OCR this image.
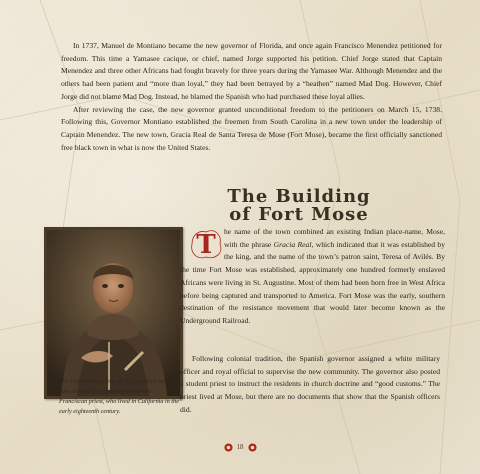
In 1737, Manuel de Montiano became the new governor of Florida, and once again Francisco Menendez petitioned for freedom. This time a Yamasee cacique, or chief, named Jorge supported his petition. Chief Jorge stated that Captain Menendez and three other Africans had fought bravely for three years during the Yamasee War. Although Menendez and the others had been patient and “more than loyal,” they had been betrayed by a “heathen” named Mad Dog. However, Chief Jorge did not blame Mad Dog. Instead, he blamed the Spanish who had purchased these loyal allies.

After reviewing the case, the new governor granted unconditional freedom to the petitioners on March 15, 1738. Following this, Governor Montiano established the freemen from South Carolina in a new town under the leadership of Captain Menendez. The new town, Gracia Real de Santa Teresa de Mose (Fort Mose), became the first officially sanctioned free black town in what is now the United States.

The Building
of Fort Mose
The Franciscan priests of St. Augustine would have dressed in a style similar to this Franciscan priest, who lived in California in the early eighteenth century.
T	he name of the town combined an existing Indian place-name, Mose, with the phrase Gracia Real, which indicated that it was established by the king, and the name of the town’s patron saint, Teresa of Avilés. By the time Fort Mose was established, approximately one hundred formerly enslaved Africans were living in St. Augustine. Most of them had been born free in West Africa before being captured and transported to America. Fort Mose was the early, southern destination of the resistance movement that would later become known as the Underground Railroad.

Following colonial tradition, the Spanish governor assigned a white military officer and royal official to supervise the new community. The governor also posted a student priest to instruct the residents in church doctrine and “good customs.” The priest lived at Mose, but there are no documents that show that the Spanish officers did.

18
